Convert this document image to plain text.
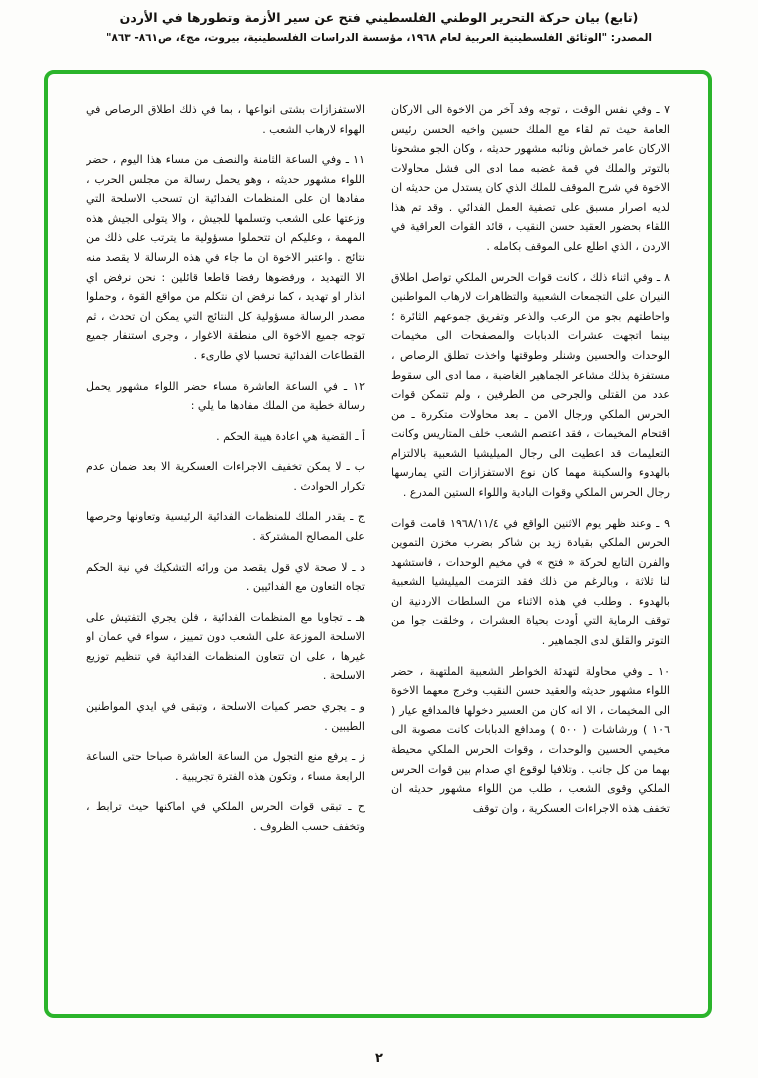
(تابع) بيان حركة التحرير الوطني الفلسطيني فتح عن سير الأزمة وتطورها في الأردن
المصدر: "الوثائق الفلسطينية العربية لعام ١٩٦٨، مؤسسة الدراسات الفلسطينية، بيروت، مج٤، ص٨٦١- ٨٦٣"

٧ ـ وفي نفس الوقت ، توجه وفد آخر من الاخوة الى الاركان العامة حيث تم لقاء مع الملك حسين واخيه الحسن رئيس الاركان عامر خماش ونائبه مشهور حديثه ، وكان الجو مشحونا بالتوتر والملك في قمة غضبه مما ادى الى فشل محاولات الاخوة في شرح الموقف للملك الذي كان يستدل من حديثه ان لديه اصرار مسبق على تصفية العمل الفدائي . وقد تم هذا اللقاء بحضور العقيد حسن النقيب ، قائد القوات العراقية في الاردن ، الذي اطلع على الموقف بكامله .

٨ ـ وفي اثناء ذلك ، كانت قوات الحرس الملكي تواصل اطلاق النيران على التجمعات الشعبية والتظاهرات لارهاب المواطنين واحاطتهم بجو من الرعب والذعر وتفريق جموعهم الثائرة ؛ بينما اتجهت عشرات الدبابات والمصفحات الى مخيمات الوحدات والحسين وشنلر وطوقتها واخذت تطلق الرصاص ، مستفزة بذلك مشاعر الجماهير الغاضبة ، مما ادى الى سقوط عدد من القتلى والجرحى من الطرفين ، ولم تتمكن قوات الحرس الملكي ورجال الامن ـ بعد محاولات متكررة ـ من اقتحام المخيمات ، فقد اعتصم الشعب خلف المتاريس وكانت التعليمات قد اعطيت الى رجال الميليشيا الشعبية بالالتزام بالهدوء والسكينة مهما كان نوع الاستفزازات التي يمارسها رجال الحرس الملكي وقوات البادية واللواء الستين المدرع .

٩ ـ وعند ظهر يوم الاثنين الواقع في ١٩٦٨/١١/٤ قامت قوات الحرس الملكي بقيادة زيد بن شاكر بضرب مخزن التموين والفرن التابع لحركة « فتح » في مخيم الوحدات ، فاستشهد لنا ثلاثة ، وبالرغم من ذلك فقد التزمت الميليشيا الشعبية بالهدوء . وطلب في هذه الاثناء من السلطات الاردنية ان توقف الرماية التي أودت بحياة العشرات ، وخلقت جوا من التوتر والقلق لدى الجماهير .

١٠ ـ وفي محاولة لتهدئة الخواطر الشعبية الملتهبة ، حضر اللواء مشهور حديثه والعقيد حسن النقيب وخرج معهما الاخوة الى المخيمات ، الا انه كان من العسير دخولها فالمدافع عيار ( ١٠٦ ) ورشاشات ( ٥٠٠ ) ومدافع الدبابات كانت مصوبة الى مخيمي الحسين والوحدات ، وقوات الحرس الملكي محيطة بهما من كل جانب . وتلافيا لوقوع اي صدام بين قوات الحرس الملكي وقوى الشعب ، طلب من اللواء مشهور حديثه ان تخفف هذه الاجراءات العسكرية ، وان توقف

الاستفزازات بشتى انواعها ، بما في ذلك اطلاق الرصاص في الهواء لارهاب الشعب .

١١ ـ وفي الساعة الثامنة والنصف من مساء هذا اليوم ، حضر اللواء مشهور حديثه ، وهو يحمل رسالة من مجلس الحرب ، مفادها ان على المنظمات الفدائية ان تسحب الاسلحة التي وزعتها على الشعب وتسلمها للجيش ، والا يتولى الجيش هذه المهمة ، وعليكم ان تتحملوا مسؤولية ما يترتب على ذلك من نتائج . واعتبر الاخوة ان ما جاء في هذه الرسالة لا يقصد منه الا التهديد ، ورفضوها رفضا قاطعا قائلين : نحن نرفض اي انذار او تهديد ، كما نرفض ان نتكلم من مواقع القوة ، وحملوا مصدر الرسالة مسؤولية كل النتائج التي يمكن ان تحدث ، ثم توجه جميع الاخوة الى منطقة الاغوار ، وجرى استنفار جميع القطاعات الفدائية تحسبا لاي طارىء .

١٢ ـ في الساعة العاشرة مساء حضر اللواء مشهور يحمل رسالة خطية من الملك مفادها ما يلي :

أ ـ القضية هي اعادة هيبة الحكم .

ب ـ لا يمكن تخفيف الاجراءات العسكرية الا بعد ضمان عدم تكرار الحوادث .

ج ـ يقدر الملك للمنظمات الفدائية الرئيسية وتعاونها وحرصها على المصالح المشتركة .

د ـ لا صحة لاي قول يقصد من ورائه التشكيك في نية الحكم تجاه التعاون مع الفدائيين .

هـ ـ تجاوبا مع المنظمات الفدائية ، فلن يجري التفتيش على الاسلحة الموزعة على الشعب دون تمييز ، سواء في عمان او غيرها ، على ان تتعاون المنظمات الفدائية في تنظيم توزيع الاسلحة .

و ـ يجري حصر كميات الاسلحة ، وتبقى في ايدي المواطنين الطيبين .

ز ـ يرفع منع التجول من الساعة العاشرة صباحا حتى الساعة الرابعة مساء ، وتكون هذه الفترة تجريبية .

ح ـ تبقى قوات الحرس الملكي في اماكنها حيث ترابط ، وتخفف حسب الظروف .

٢
